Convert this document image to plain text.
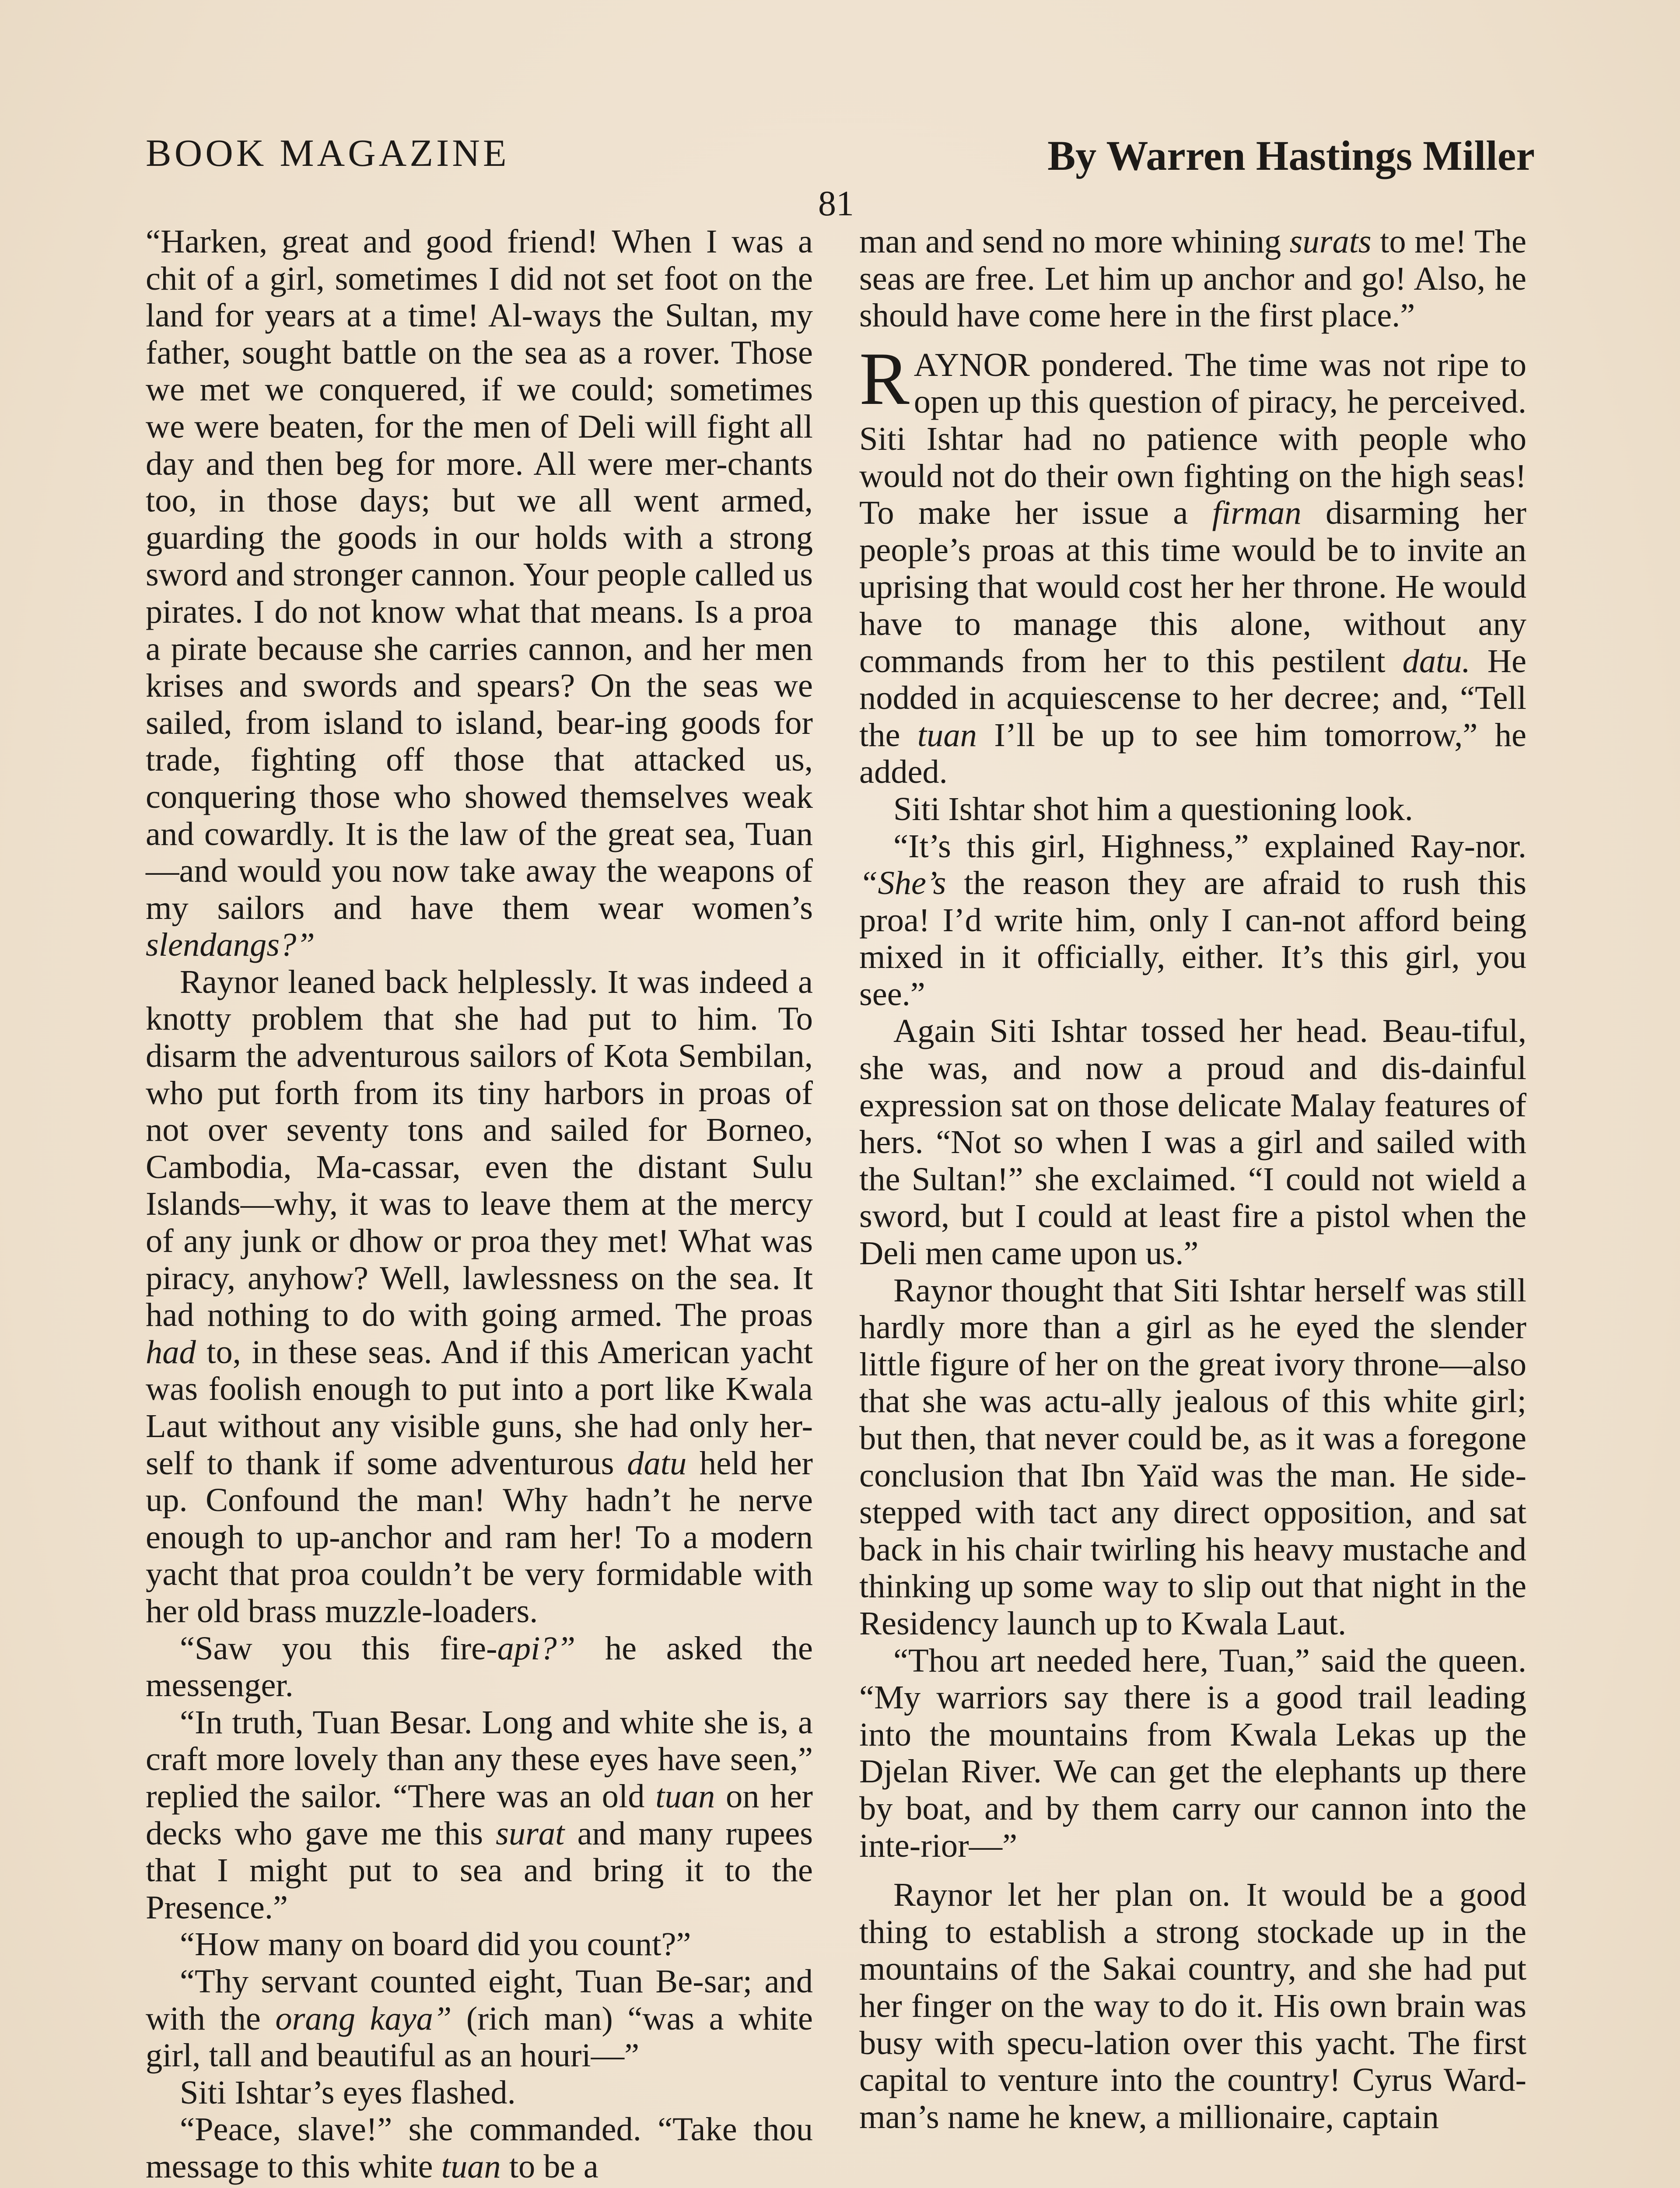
BOOK MAGAZINE	By Warren Hastings Miller
81

“Harken, great and good friend! When I was a chit of a girl, sometimes I did not set foot on the land for years at a time! Al-ways the Sultan, my father, sought battle on the sea as a rover. Those we met we conquered, if we could; sometimes we were beaten, for the men of Deli will fight all day and then beg for more. All were mer-chants too, in those days; but we all went armed, guarding the goods in our holds with a strong sword and stronger cannon. Your people called us pirates. I do not know what that means. Is a proa a pirate because she carries cannon, and her men krises and swords and spears? On the seas we sailed, from island to island, bear-ing goods for trade, fighting off those that attacked us, conquering those who showed themselves weak and cowardly. It is the law of the great sea, Tuan—and would you now take away the weapons of my sailors and have them wear women’s slendangs?”

Raynor leaned back helplessly. It was indeed a knotty problem that she had put to him. To disarm the adventurous sailors of Kota Sembilan, who put forth from its tiny harbors in proas of not over seventy tons and sailed for Borneo, Cambodia, Ma-cassar, even the distant Sulu Islands—why, it was to leave them at the mercy of any junk or dhow or proa they met! What was piracy, anyhow? Well, lawlessness on the sea. It had nothing to do with going armed. The proas had to, in these seas. And if this American yacht was foolish enough to put into a port like Kwala Laut without any visible guns, she had only her-self to thank if some adventurous datu held her up. Confound the man! Why hadn’t he nerve enough to up-anchor and ram her! To a modern yacht that proa couldn’t be very formidable with her old brass muzzle-loaders.

“Saw you this fire-api?” he asked the messenger.

“In truth, Tuan Besar. Long and white she is, a craft more lovely than any these eyes have seen,” replied the sailor. “There was an old tuan on her decks who gave me this surat and many rupees that I might put to sea and bring it to the Presence.”

“How many on board did you count?”

“Thy servant counted eight, Tuan Be-sar; and with the orang kaya” (rich man) “was a white girl, tall and beautiful as an houri—”

Siti Ishtar’s eyes flashed.

“Peace, slave!” she commanded. “Take thou message to this white tuan to be a

man and send no more whining surats to me! The seas are free. Let him up anchor and go! Also, he should have come here in the first place.”

RAYNOR pondered. The time was not ripe to open up this question of piracy, he perceived. Siti Ishtar had no patience with people who would not do their own fighting on the high seas! To make her issue a firman disarming her people’s proas at this time would be to invite an uprising that would cost her her throne. He would have to manage this alone, without any commands from her to this pestilent datu. He nodded in acquiescense to her decree; and, “Tell the tuan I’ll be up to see him tomorrow,” he added.

Siti Ishtar shot him a questioning look.

“It’s this girl, Highness,” explained Ray-nor. “She’s the reason they are afraid to rush this proa! I’d write him, only I can-not afford being mixed in it officially, either. It’s this girl, you see.”

Again Siti Ishtar tossed her head. Beau-tiful, she was, and now a proud and dis-dainful expression sat on those delicate Malay features of hers. “Not so when I was a girl and sailed with the Sultan!” she exclaimed. “I could not wield a sword, but I could at least fire a pistol when the Deli men came upon us.”

Raynor thought that Siti Ishtar herself was still hardly more than a girl as he eyed the slender little figure of her on the great ivory throne—also that she was actu-ally jealous of this white girl; but then, that never could be, as it was a foregone conclusion that Ibn Yaïd was the man. He side-stepped with tact any direct opposition, and sat back in his chair twirling his heavy mustache and thinking up some way to slip out that night in the Residency launch up to Kwala Laut.

“Thou art needed here, Tuan,” said the queen. “My warriors say there is a good trail leading into the mountains from Kwala Lekas up the Djelan River. We can get the elephants up there by boat, and by them carry our cannon into the inte-rior—”

Raynor let her plan on. It would be a good thing to establish a strong stockade up in the mountains of the Sakai country, and she had put her finger on the way to do it. His own brain was busy with specu-lation over this yacht. The first capital to venture into the country! Cyrus Ward-man’s name he knew, a millionaire, captain
